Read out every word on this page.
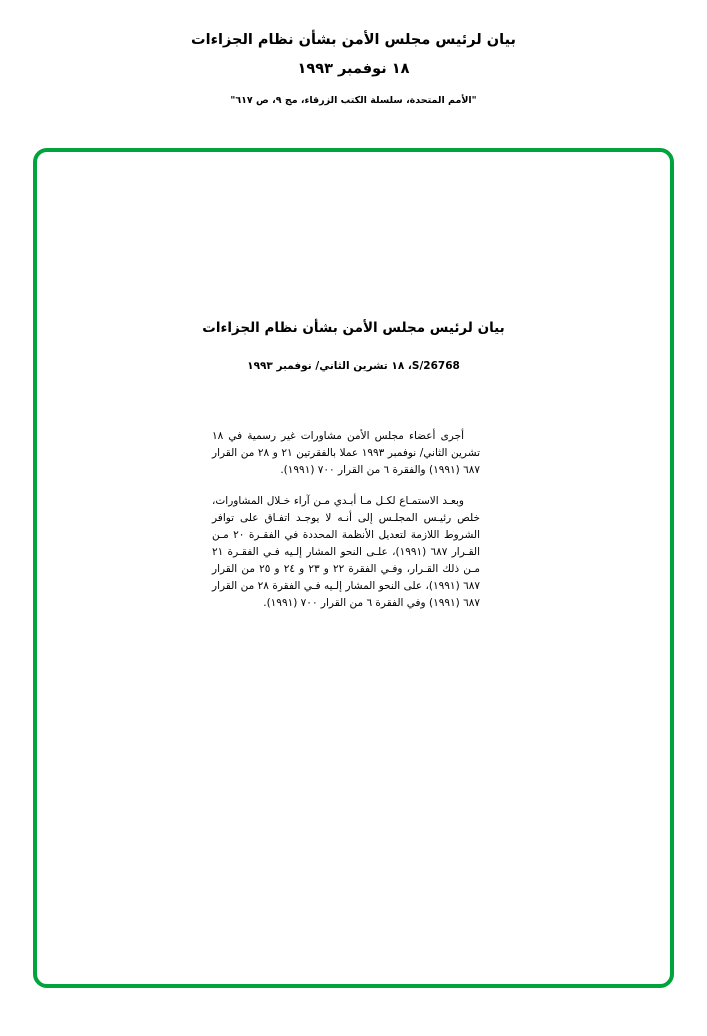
بيان لرئيس مجلس الأمن بشأن نظام الجزاءات
١٨ نوفمبر ١٩٩٣
"الأمم المتحدة، سلسلة الكتب الزرقاء، مج ٩، ص ٦١٧"
بيان لرئيس مجلس الأمن بشأن نظام الجزاءات
S/26768، ١٨ تشرين الثاني/ نوفمبر ١٩٩٣

أجرى أعضاء مجلس الأمن مشاورات غير رسمية في ١٨ تشرين الثاني/ نوفمبر ١٩٩٣ عملا بالفقرتين ٢١ و ٢٨ من القرار ٦٨٧ (١٩٩١) والفقرة ٦ من القرار ٧٠٠ (١٩٩١).

وبعـد الاستمـاع لكـل مـا أبـدي مـن آراء خـلال المشاورات، خلص رئيـس المجلـس إلى أنـه لا يوجـد اتفـاق على توافر الشروط اللازمة لتعديل الأنظمة المحددة في الفقـرة ٢٠ مـن القـرار ٦٨٧ (١٩٩١)، علـى النحو المشار إلـيه فـي الفقـرة ٢١ مـن ذلك القـرار، وفـي الفقرة ٢٢ و ٢٣ و ٢٤ و ٢٥ من القرار ٦٨٧ (١٩٩١)، على النحو المشار إلـيه فـي الفقرة ٢٨ من القرار ٦٨٧ (١٩٩١) وفي الفقرة ٦ من القرار ٧٠٠ (١٩٩١).
